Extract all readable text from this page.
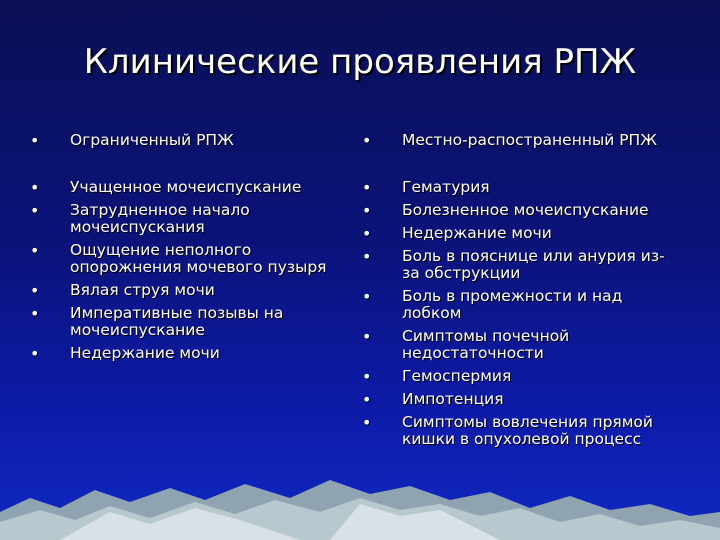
Клинические проявления РПЖ
• Ограниченный РПЖ
• Учащенное мочеиспускание
• Затрудненное начало мочеиспускания
• Ощущение неполного опорожнения мочевого пузыря
• Вялая струя мочи
• Императивные позывы на мочеиспускание
• Недержание мочи
• Местно-распостраненный РПЖ
• Гематурия
• Болезненное мочеиспускание
• Недержание мочи
• Боль в пояснице или анурия из-за обструкции
• Боль в промежности и над лобком
• Симптомы почечной недостаточности
• Гемоспермия
• Импотенция
• Симптомы вовлечения прямой кишки в опухолевой процесс
